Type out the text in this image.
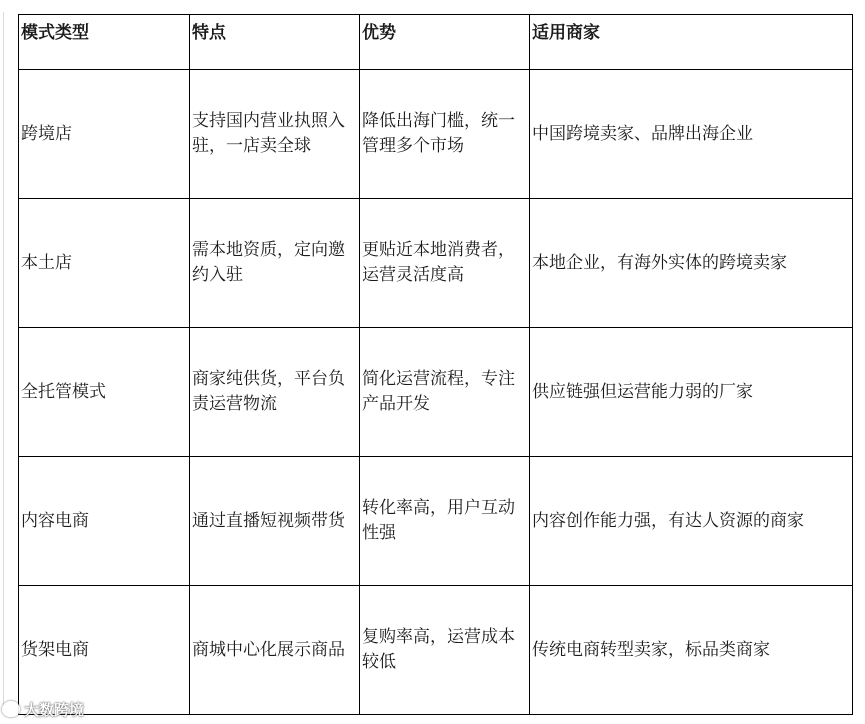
模式类型	特点	优势	适用商家
跨境店	支持国内营业执照入驻，一店卖全球	降低出海门槛，统一管理多个市场	中国跨境卖家、品牌出海企业
本土店	需本地资质，定向邀约入驻	更贴近本地消费者，运营灵活度高	本地企业，有海外实体的跨境卖家
全托管模式	商家纯供货，平台负责运营物流	简化运营流程，专注产品开发	供应链强但运营能力弱的厂家
内容电商	通过直播短视频带货	转化率高，用户互动性强	内容创作能力强，有达人资源的商家
货架电商	商城中心化展示商品	复购率高，运营成本较低	传统电商转型卖家，标品类商家
大数跨境
